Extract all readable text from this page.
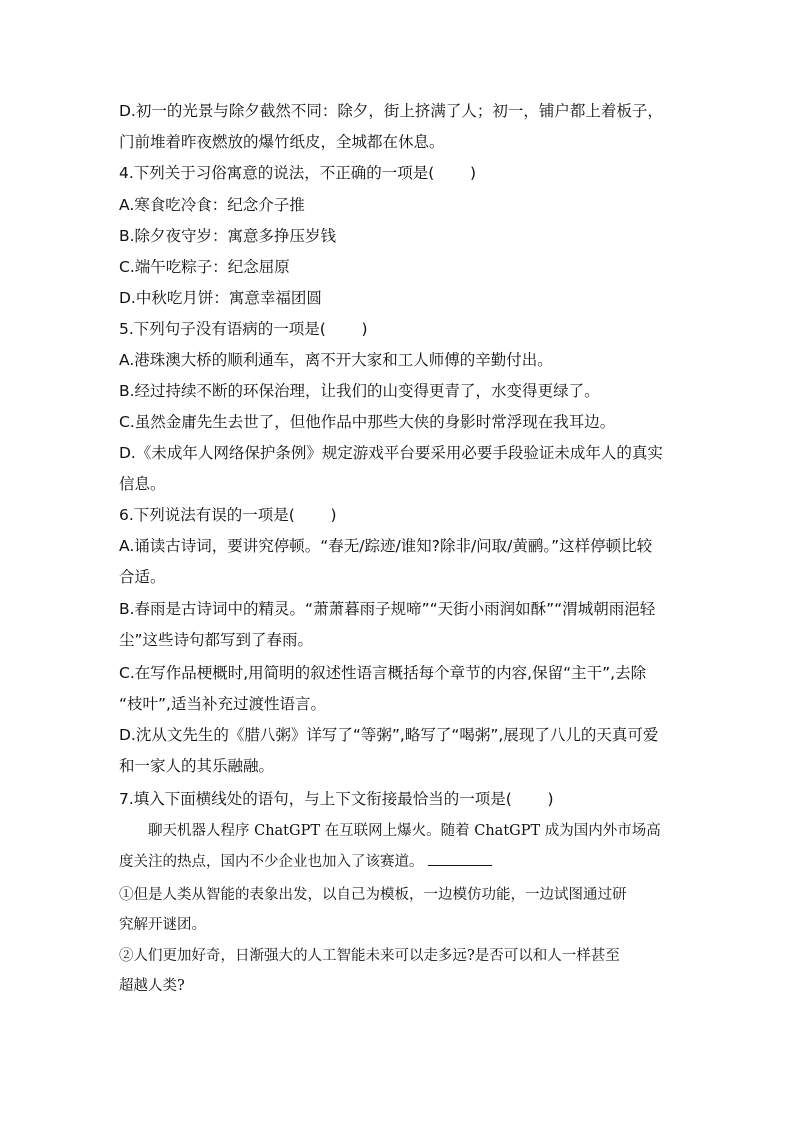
D.初一的光景与除夕截然不同：除夕，街上挤满了人；初一，铺户都上着板子，
门前堆着昨夜燃放的爆竹纸皮，全城都在休息。
4.下列关于习俗寓意的说法，不正确的一项是( )
A.寒食吃冷食：纪念介子推
B.除夕夜守岁：寓意多挣压岁钱
C.端午吃粽子：纪念屈原
D.中秋吃月饼：寓意幸福团圆
5.下列句子没有语病的一项是( )
A.港珠澳大桥的顺利通车，离不开大家和工人师傅的辛勤付出。
B.经过持续不断的环保治理，让我们的山变得更青了，水变得更绿了。
C.虽然金庸先生去世了，但他作品中那些大侠的身影时常浮现在我耳边。
D.《未成年人网络保护条例》规定游戏平台要采用必要手段验证未成年人的真实
信息。
6.下列说法有误的一项是( )
A.诵读古诗词，要讲究停顿。“春无/踪迹/谁知?除非/问取/黄鹂。”这样停顿比较
合适。
B.春雨是古诗词中的精灵。“萧萧暮雨子规啼”“天街小雨润如酥”“渭城朝雨浥轻
尘”这些诗句都写到了春雨。
C.在写作品梗概时,用简明的叙述性语言概括每个章节的内容,保留“主干”,去除
“枝叶”,适当补充过渡性语言。
D.沈从文先生的《腊八粥》详写了“等粥”,略写了“喝粥”,展现了八儿的天真可爱
和一家人的其乐融融。
7.填入下面横线处的语句，与上下文衔接最恰当的一项是( )
聊天机器人程序 ChatGPT 在互联网上爆火。随着 ChatGPT 成为国内外市场高
度关注的热点，国内不少企业也加入了该赛道。
①但是人类从智能的表象出发，以自己为模板，一边模仿功能，一边试图通过研
究解开谜团。
②人们更加好奇，日渐强大的人工智能未来可以走多远?是否可以和人一样甚至
超越人类?
